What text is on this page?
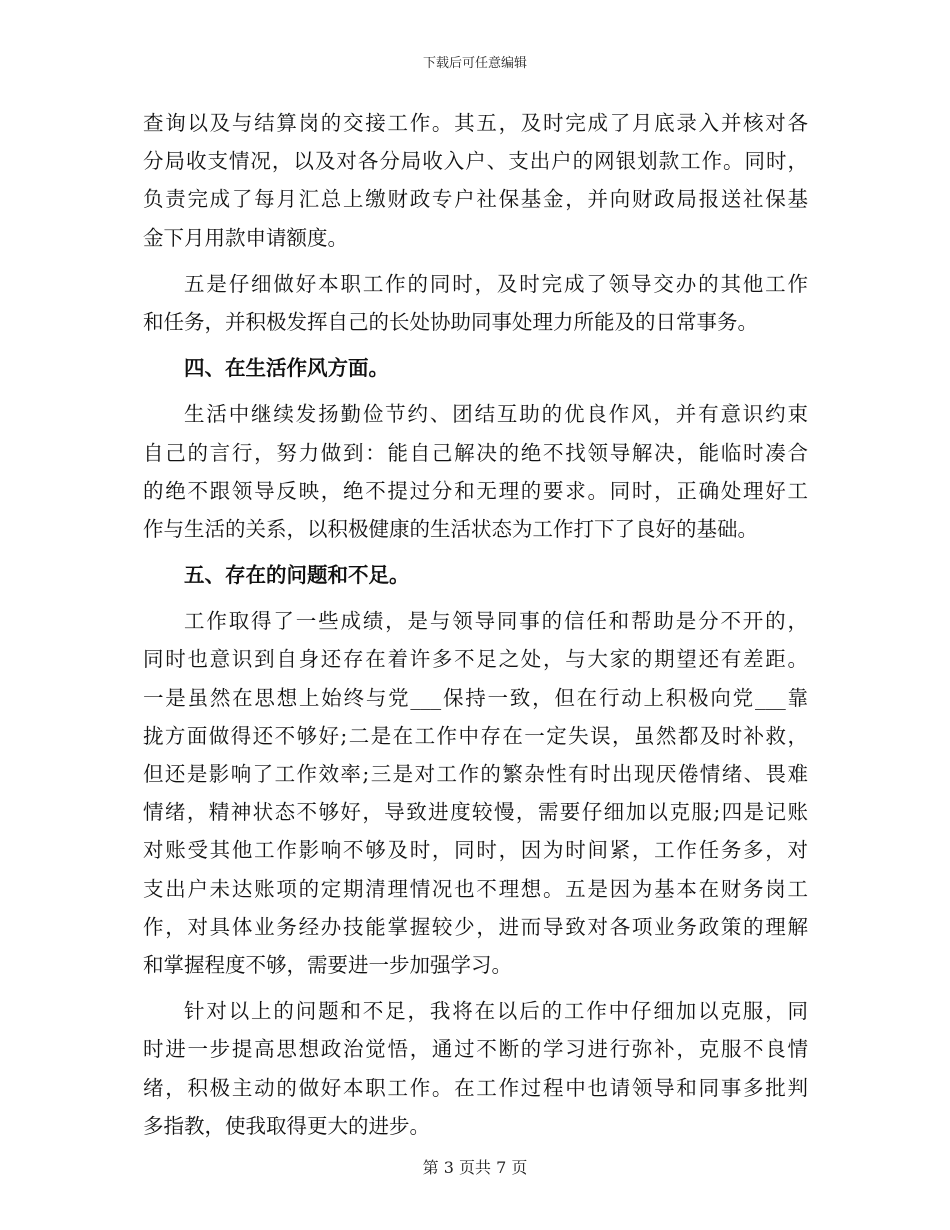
下载后可任意编辑
查询以及与结算岗的交接工作。其五，及时完成了月底录入并核对各
分局收支情况，以及对各分局收入户、支出户的网银划款工作。同时，
负责完成了每月汇总上缴财政专户社保基金，并向财政局报送社保基
金下月用款申请额度。
五是仔细做好本职工作的同时，及时完成了领导交办的其他工作
和任务，并积极发挥自己的长处协助同事处理力所能及的日常事务。
四、在生活作风方面。
生活中继续发扬勤俭节约、团结互助的优良作风，并有意识约束
自己的言行，努力做到：能自己解决的绝不找领导解决，能临时凑合
的绝不跟领导反映，绝不提过分和无理的要求。同时，正确处理好工
作与生活的关系，以积极健康的生活状态为工作打下了良好的基础。
五、存在的问题和不足。
工作取得了一些成绩，是与领导同事的信任和帮助是分不开的，
同时也意识到自身还存在着许多不足之处，与大家的期望还有差距。
一是虽然在思想上始终与党___保持一致，但在行动上积极向党___靠
拢方面做得还不够好;二是在工作中存在一定失误，虽然都及时补救，
但还是影响了工作效率;三是对工作的繁杂性有时出现厌倦情绪、畏难
情绪，精神状态不够好，导致进度较慢，需要仔细加以克服;四是记账
对账受其他工作影响不够及时，同时，因为时间紧，工作任务多，对
支出户未达账项的定期清理情况也不理想。五是因为基本在财务岗工
作，对具体业务经办技能掌握较少，进而导致对各项业务政策的理解
和掌握程度不够，需要进一步加强学习。
针对以上的问题和不足，我将在以后的工作中仔细加以克服，同
时进一步提高思想政治觉悟，通过不断的学习进行弥补，克服不良情
绪，积极主动的做好本职工作。在工作过程中也请领导和同事多批判
多指教，使我取得更大的进步。
第 3 页共 7 页
